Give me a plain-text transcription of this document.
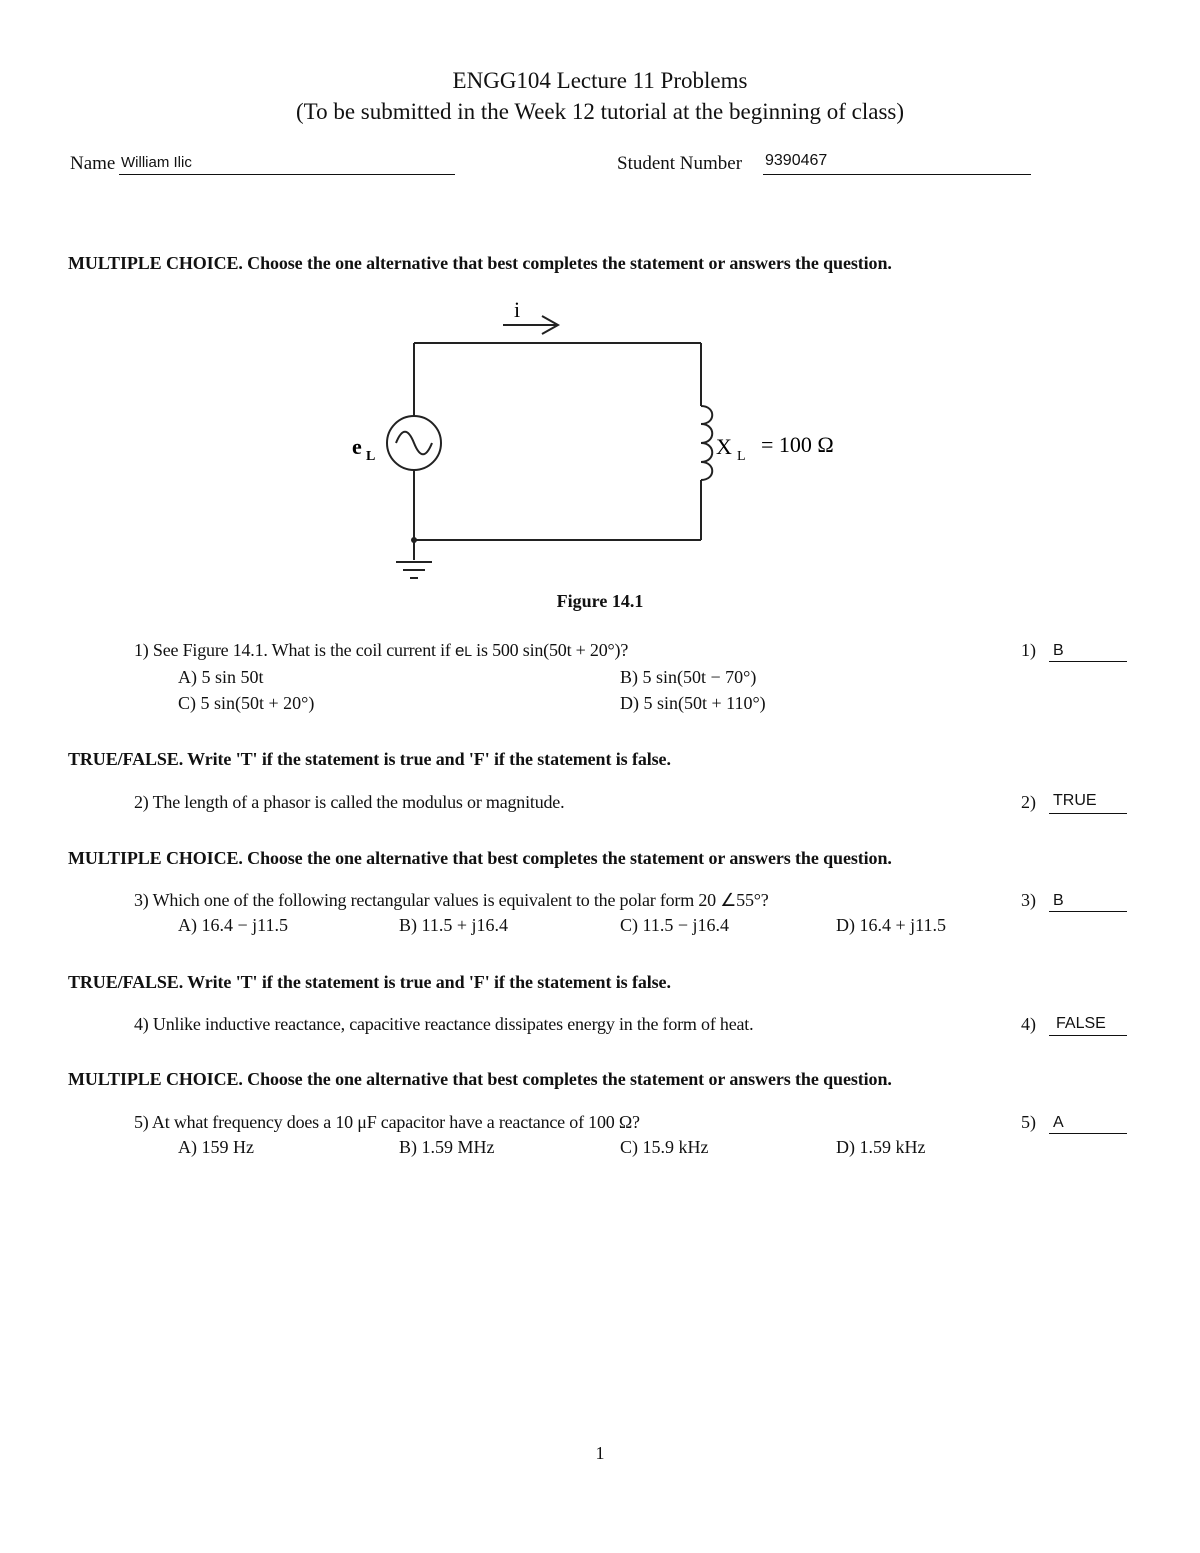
ENGG104 Lecture 11 Problems
(To be submitted in the Week 12 tutorial at the beginning of class)
Name William Ilic	Student Number 9390467
MULTIPLE CHOICE. Choose the one alternative that best completes the statement or answers the question.
i
e L	X L = 100 Ω
Figure 14.1
1) See Figure 14.1. What is the coil current if eL is 500 sin(50t + 20°)?
A) 5 sin 50t	B) 5 sin(50t − 70°)
C) 5 sin(50t + 20°)	D) 5 sin(50t + 110°)
1) B
TRUE/FALSE. Write 'T' if the statement is true and 'F' if the statement is false.
2) The length of a phasor is called the modulus or magnitude.	2) TRUE
MULTIPLE CHOICE. Choose the one alternative that best completes the statement or answers the question.
3) Which one of the following rectangular values is equivalent to the polar form 20 ∠55°?
A) 16.4 − j11.5	B) 11.5 + j16.4	C) 11.5 − j16.4	D) 16.4 + j11.5
3) B
TRUE/FALSE. Write 'T' if the statement is true and 'F' if the statement is false.
4) Unlike inductive reactance, capacitive reactance dissipates energy in the form of heat.	4) FALSE
MULTIPLE CHOICE. Choose the one alternative that best completes the statement or answers the question.
5) At what frequency does a 10 μF capacitor have a reactance of 100 Ω?
A) 159 Hz	B) 1.59 MHz	C) 15.9 kHz	D) 1.59 kHz
5) A
1
